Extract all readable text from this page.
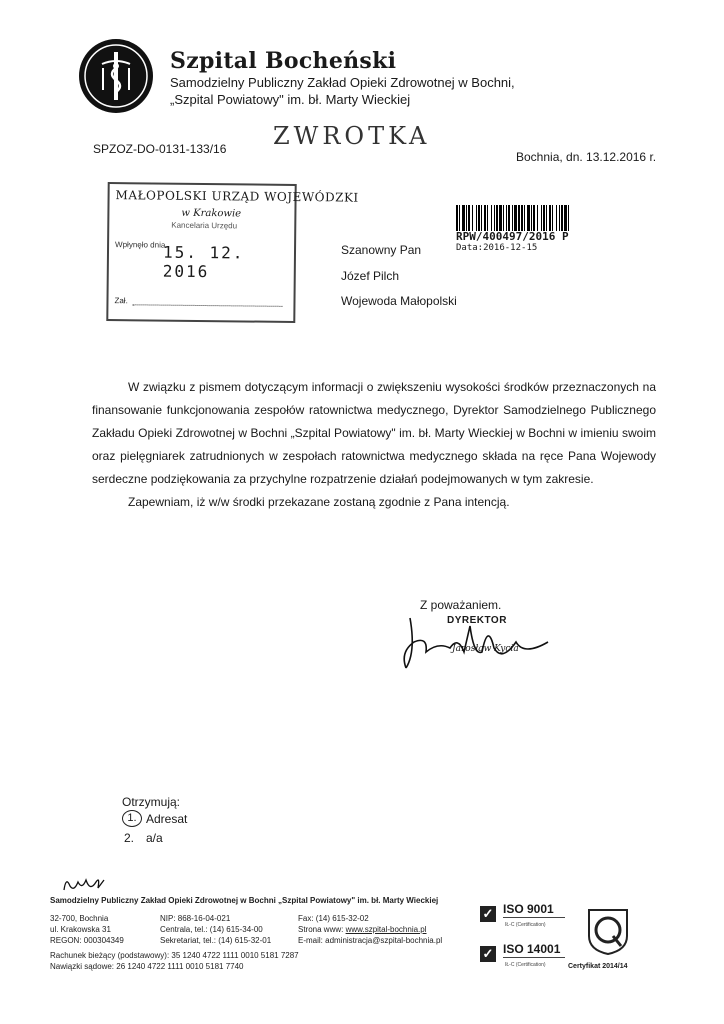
Szpital Bocheński
Samodzielny Publiczny Zakład Opieki Zdrowotnej w Bochni,
„Szpital Powiatowy" im. bł. Marty Wieckiej
SPZOZ-DO-0131-133/16 ZWROTKA
Bochnia, dn. 13.12.2016 r.
MAŁOPOLSKI URZĄD WOJEWÓDZKI
w Krakowie
Kancelaria Urzędu
Wpłynęło dnia
15. 12. 2016
Zał.
RPW/400497/2016 P
Data:2016-12-15
Szanowny Pan
Józef Pilch
Wojewoda Małopolski

W związku z pismem dotyczącym informacji o zwiększeniu wysokości środków przeznaczonych na finansowanie funkcjonowania zespołów ratownictwa medycznego, Dyrektor Samodzielnego Publicznego Zakładu Opieki Zdrowotnej w Bochni „Szpital Powiatowy" im. bł. Marty Wieckiej w Bochni w imieniu swoim oraz pielęgniarek zatrudnionych w zespołach ratownictwa medycznego składa na ręce Pana Wojewody serdeczne podziękowania za przychylne rozpatrzenie działań podejmowanych w tym zakresie.

Zapewniam, iż w/w środki przekazane zostaną zgodnie z Pana intencją.

Z poważaniem.
DYREKTOR
Jarosław Kycia
Otrzymują:
1. Adresat
2. a/a
Samodzielny Publiczny Zakład Opieki Zdrowotnej w Bochni „Szpital Powiatowy" im. bł. Marty Wieckiej
32-700, Bochnia
ul. Krakowska 31
REGON: 000304349
NIP: 868-16-04-021
Centrala, tel.: (14) 615-34-00
Sekretariat, tel.: (14) 615-32-01
Fax: (14) 615-32-02
Strona www: www.szpital-bochnia.pl
E-mail: administracja@szpital-bochnia.pl
Rachunek bieżący (podstawowy): 35 1240 4722 1111 0010 5181 7287
Nawiązki sądowe: 26 1240 4722 1111 0010 5181 7740
✓ ISO 9001
IŁ-C (Certification)
✓ ISO 14001
IŁ-C (Certification)	Certyfikat 2014/14
